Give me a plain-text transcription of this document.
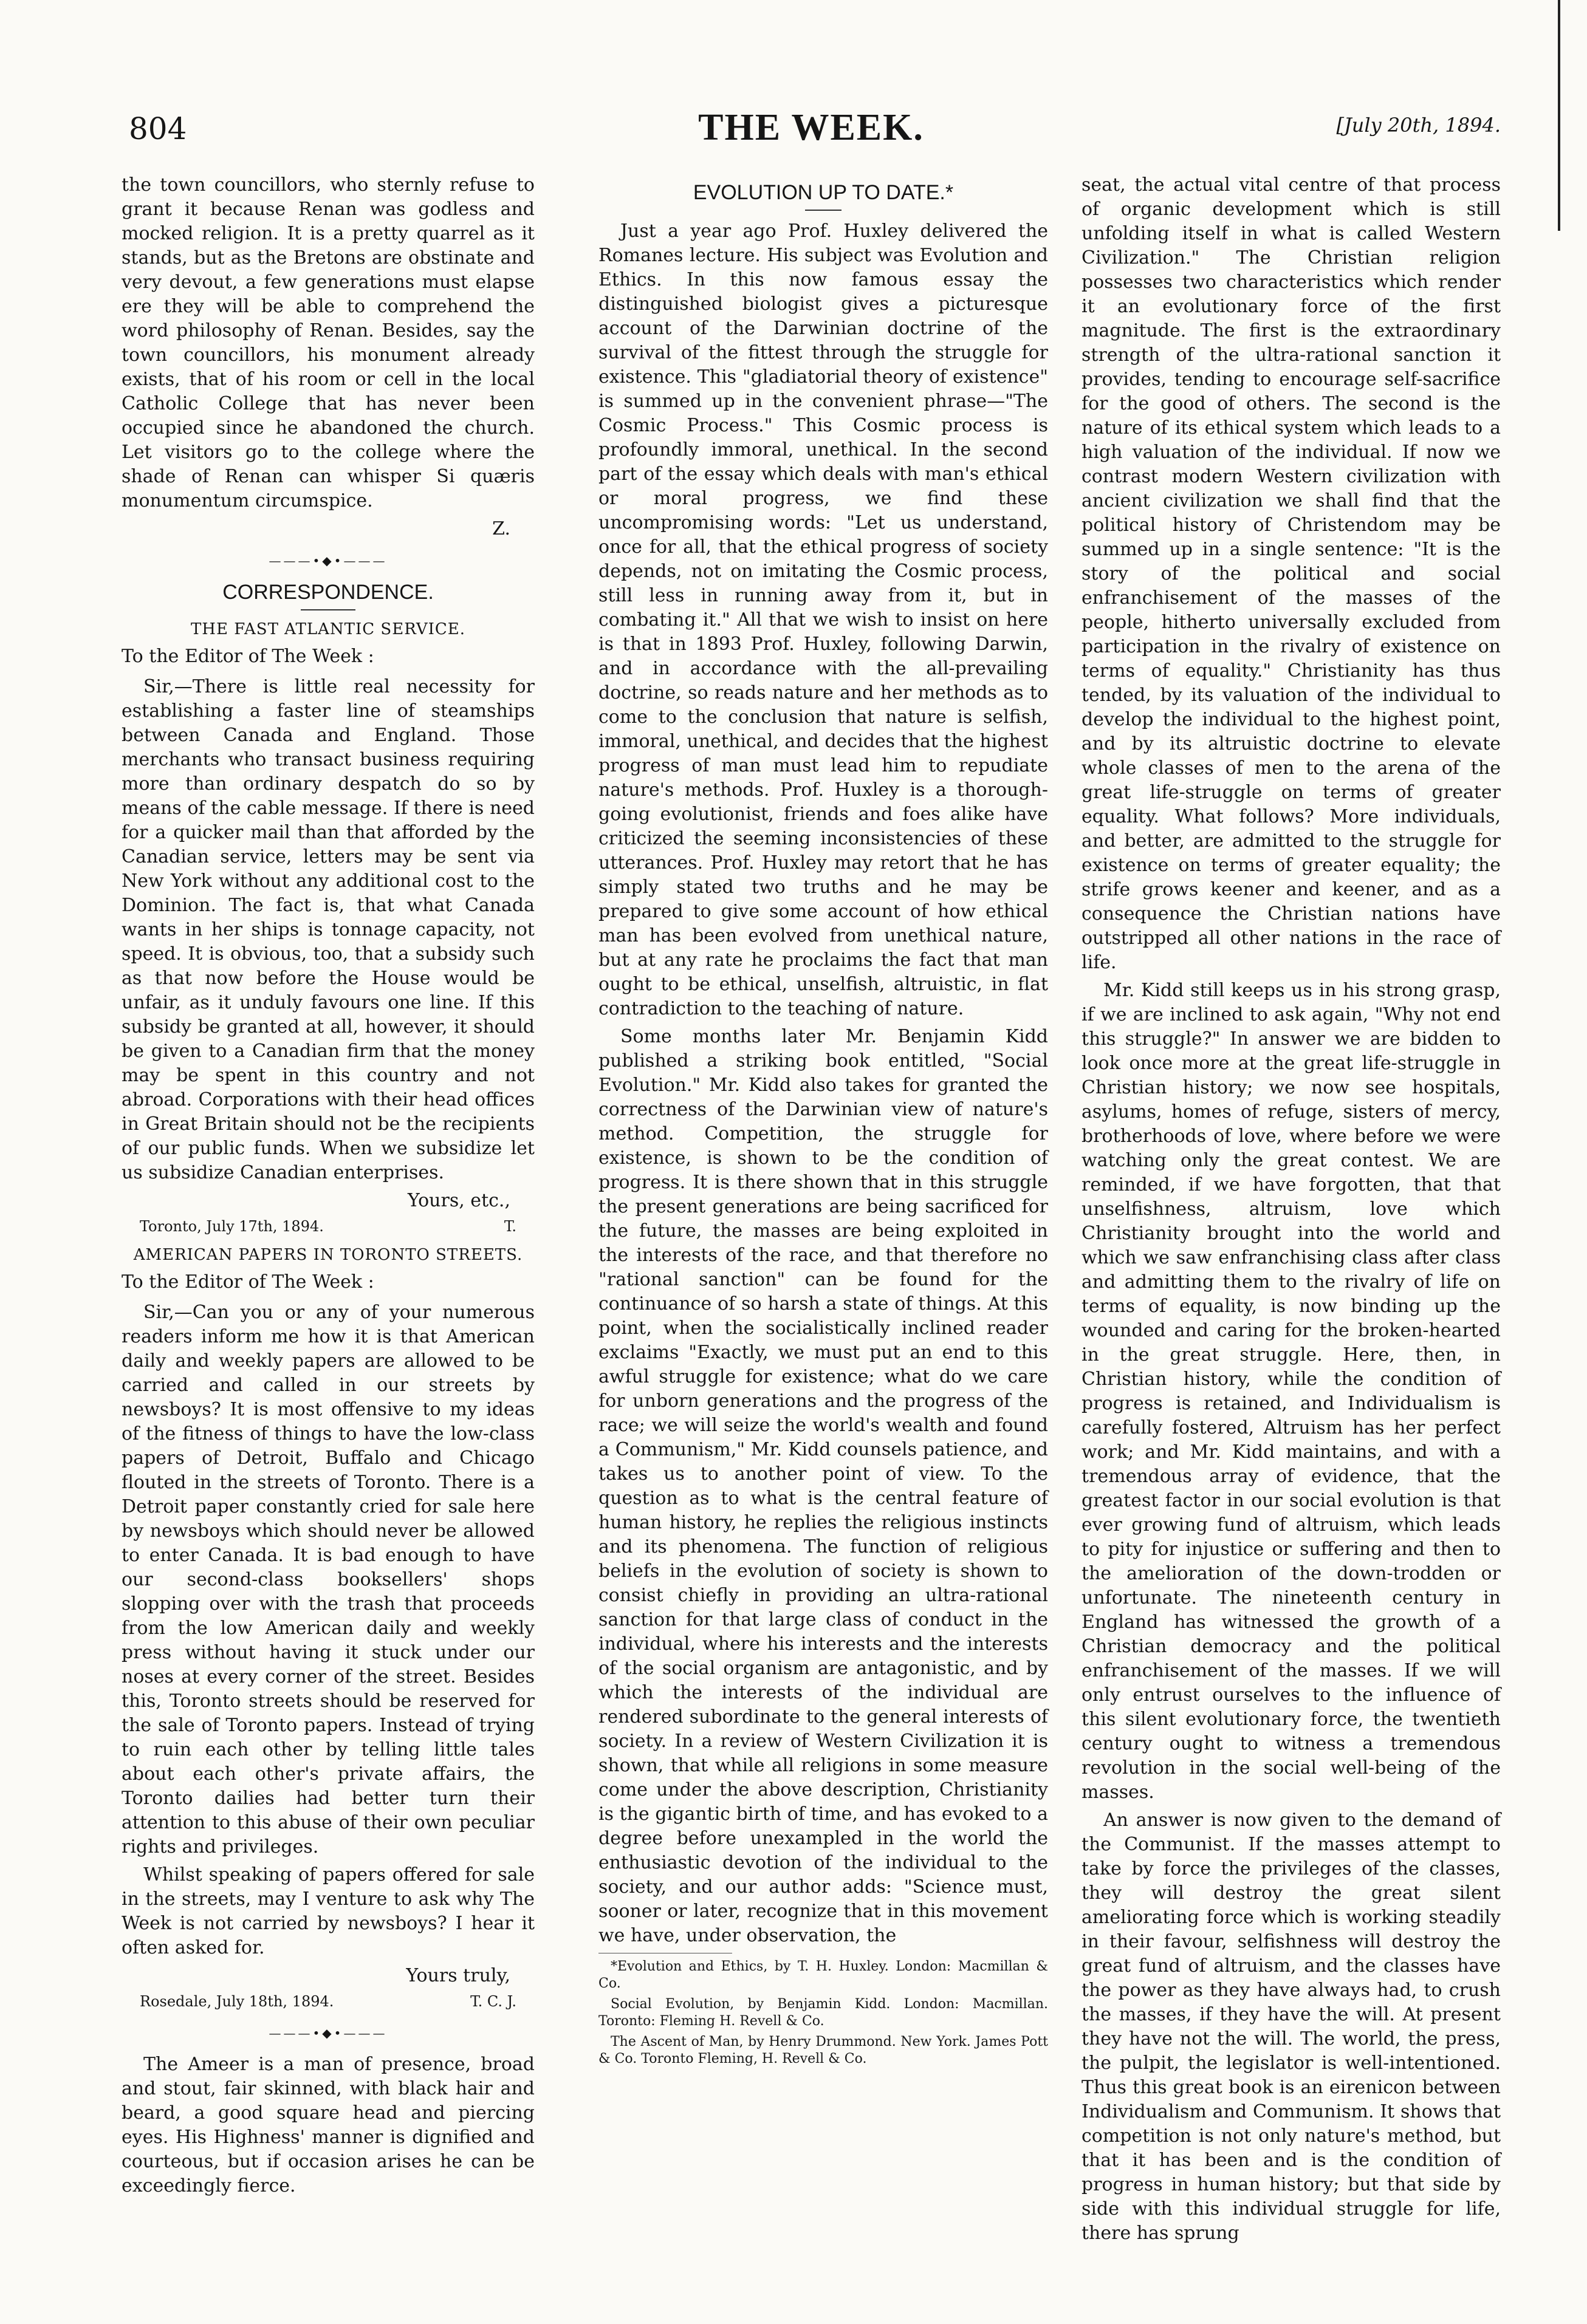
804	THE WEEK.	[July 20th, 1894.

the town councillors, who sternly refuse to grant it because Renan was godless and mocked religion. It is a pretty quarrel as it stands, but as the Bretons are obstinate and very devout, a few generations must elapse ere they will be able to comprehend the word philosophy of Renan. Besides, say the town councillors, his monument already exists, that of his room or cell in the local Catholic College that has never been occupied since he abandoned the church. Let visitors go to the college where the shade of Renan can whisper Si quæris monumentum circumspice.

Z.
———•◆•———
CORRESPONDENCE.
THE FAST ATLANTIC SERVICE.
To the Editor of The Week :

Sir,—There is little real necessity for establishing a faster line of steamships between Canada and England. Those merchants who transact business requiring more than ordinary despatch do so by means of the cable message. If there is need for a quicker mail than that afforded by the Canadian service, letters may be sent via New York without any additional cost to the Dominion. The fact is, that what Canada wants in her ships is tonnage capacity, not speed. It is obvious, too, that a subsidy such as that now before the House would be unfair, as it unduly favours one line. If this subsidy be granted at all, however, it should be given to a Canadian firm that the money may be spent in this country and not abroad. Corporations with their head offices in Great Britain should not be the recipients of our public funds. When we subsidize let us subsidize Canadian enterprises.

Yours, etc.,
Toronto, July 17th, 1894.	T.
AMERICAN PAPERS IN TORONTO STREETS.
To the Editor of The Week :

Sir,—Can you or any of your numerous readers inform me how it is that American daily and weekly papers are allowed to be carried and called in our streets by newsboys? It is most offensive to my ideas of the fitness of things to have the low-class papers of Detroit, Buffalo and Chicago flouted in the streets of Toronto. There is a Detroit paper constantly cried for sale here by newsboys which should never be allowed to enter Canada. It is bad enough to have our second-class booksellers' shops slopping over with the trash that proceeds from the low American daily and weekly press without having it stuck under our noses at every corner of the street. Besides this, Toronto streets should be reserved for the sale of Toronto papers. Instead of trying to ruin each other by telling little tales about each other's private affairs, the Toronto dailies had better turn their attention to this abuse of their own peculiar rights and privileges.

Whilst speaking of papers offered for sale in the streets, may I venture to ask why The Week is not carried by newsboys? I hear it often asked for.

Yours truly,
Rosedale, July 18th, 1894.	T. C. J.
———•◆•———

The Ameer is a man of presence, broad and stout, fair skinned, with black hair and beard, a good square head and piercing eyes. His Highness' manner is dignified and courteous, but if occasion arises he can be exceedingly fierce.

EVOLUTION UP TO DATE.*

Just a year ago Prof. Huxley delivered the Romanes lecture. His subject was Evolution and Ethics. In this now famous essay the distinguished biologist gives a picturesque account of the Darwinian doctrine of the survival of the fittest through the struggle for existence. This "gladiatorial theory of existence" is summed up in the convenient phrase—"The Cosmic Process." This Cosmic process is profoundly immoral, unethical. In the second part of the essay which deals with man's ethical or moral progress, we find these uncompromising words: "Let us understand, once for all, that the ethical progress of society depends, not on imitating the Cosmic process, still less in running away from it, but in combating it." All that we wish to insist on here is that in 1893 Prof. Huxley, following Darwin, and in accordance with the all-prevailing doctrine, so reads nature and her methods as to come to the conclusion that nature is selfish, immoral, unethical, and decides that the highest progress of man must lead him to repudiate nature's methods. Prof. Huxley is a thorough-going evolutionist, friends and foes alike have criticized the seeming inconsistencies of these utterances. Prof. Huxley may retort that he has simply stated two truths and he may be prepared to give some account of how ethical man has been evolved from unethical nature, but at any rate he proclaims the fact that man ought to be ethical, unselfish, altruistic, in flat contradiction to the teaching of nature.

Some months later Mr. Benjamin Kidd published a striking book entitled, "Social Evolution." Mr. Kidd also takes for granted the correctness of the Darwinian view of nature's method. Competition, the struggle for existence, is shown to be the condition of progress. It is there shown that in this struggle the present generations are being sacrificed for the future, the masses are being exploited in the interests of the race, and that therefore no "rational sanction" can be found for the continuance of so harsh a state of things. At this point, when the socialistically inclined reader exclaims "Exactly, we must put an end to this awful struggle for existence; what do we care for unborn generations and the progress of the race; we will seize the world's wealth and found a Communism," Mr. Kidd counsels patience, and takes us to another point of view. To the question as to what is the central feature of human history, he replies the religious instincts and its phenomena. The function of religious beliefs in the evolution of society is shown to consist chiefly in providing an ultra-rational sanction for that large class of conduct in the individual, where his interests and the interests of the social organism are antagonistic, and by which the interests of the individual are rendered subordinate to the general interests of society. In a review of Western Civilization it is shown, that while all religions in some measure come under the above description, Christianity is the gigantic birth of time, and has evoked to a degree before unexampled in the world the enthusiastic devotion of the individual to the society, and our author adds: "Science must, sooner or later, recognize that in this movement we have, under observation, the

*Evolution and Ethics, by T. H. Huxley. London: Macmillan & Co.

Social Evolution, by Benjamin Kidd. London: Macmillan. Toronto: Fleming H. Revell & Co.

The Ascent of Man, by Henry Drummond. New York. James Pott & Co. Toronto Fleming, H. Revell & Co.

seat, the actual vital centre of that process of organic development which is still unfolding itself in what is called Western Civilization." The Christian religion possesses two characteristics which render it an evolutionary force of the first magnitude. The first is the extraordinary strength of the ultra-rational sanction it provides, tending to encourage self-sacrifice for the good of others. The second is the nature of its ethical system which leads to a high valuation of the individual. If now we contrast modern Western civilization with ancient civilization we shall find that the political history of Christendom may be summed up in a single sentence: "It is the story of the political and social enfranchisement of the masses of the people, hitherto universally excluded from participation in the rivalry of existence on terms of equality." Christianity has thus tended, by its valuation of the individual to develop the individual to the highest point, and by its altruistic doctrine to elevate whole classes of men to the arena of the great life-struggle on terms of greater equality. What follows? More individuals, and better, are admitted to the struggle for existence on terms of greater equality; the strife grows keener and keener, and as a consequence the Christian nations have outstripped all other nations in the race of life.

Mr. Kidd still keeps us in his strong grasp, if we are inclined to ask again, "Why not end this struggle?" In answer we are bidden to look once more at the great life-struggle in Christian history; we now see hospitals, asylums, homes of refuge, sisters of mercy, brotherhoods of love, where before we were watching only the great contest. We are reminded, if we have forgotten, that that unselfishness, altruism, love which Christianity brought into the world and which we saw enfranchising class after class and admitting them to the rivalry of life on terms of equality, is now binding up the wounded and caring for the broken-hearted in the great struggle. Here, then, in Christian history, while the condition of progress is retained, and Individualism is carefully fostered, Altruism has her perfect work; and Mr. Kidd maintains, and with a tremendous array of evidence, that the greatest factor in our social evolution is that ever growing fund of altruism, which leads to pity for injustice or suffering and then to the amelioration of the down-trodden or unfortunate. The nineteenth century in England has witnessed the growth of a Christian democracy and the political enfranchisement of the masses. If we will only entrust ourselves to the influence of this silent evolutionary force, the twentieth century ought to witness a tremendous revolution in the social well-being of the masses.

An answer is now given to the demand of the Communist. If the masses attempt to take by force the privileges of the classes, they will destroy the great silent ameliorating force which is working steadily in their favour, selfishness will destroy the great fund of altruism, and the classes have the power as they have always had, to crush the masses, if they have the will. At present they have not the will. The world, the press, the pulpit, the legislator is well-intentioned. Thus this great book is an eirenicon between Individualism and Communism. It shows that competition is not only nature's method, but that it has been and is the condition of progress in human history; but that side by side with this individual struggle for life, there has sprung
